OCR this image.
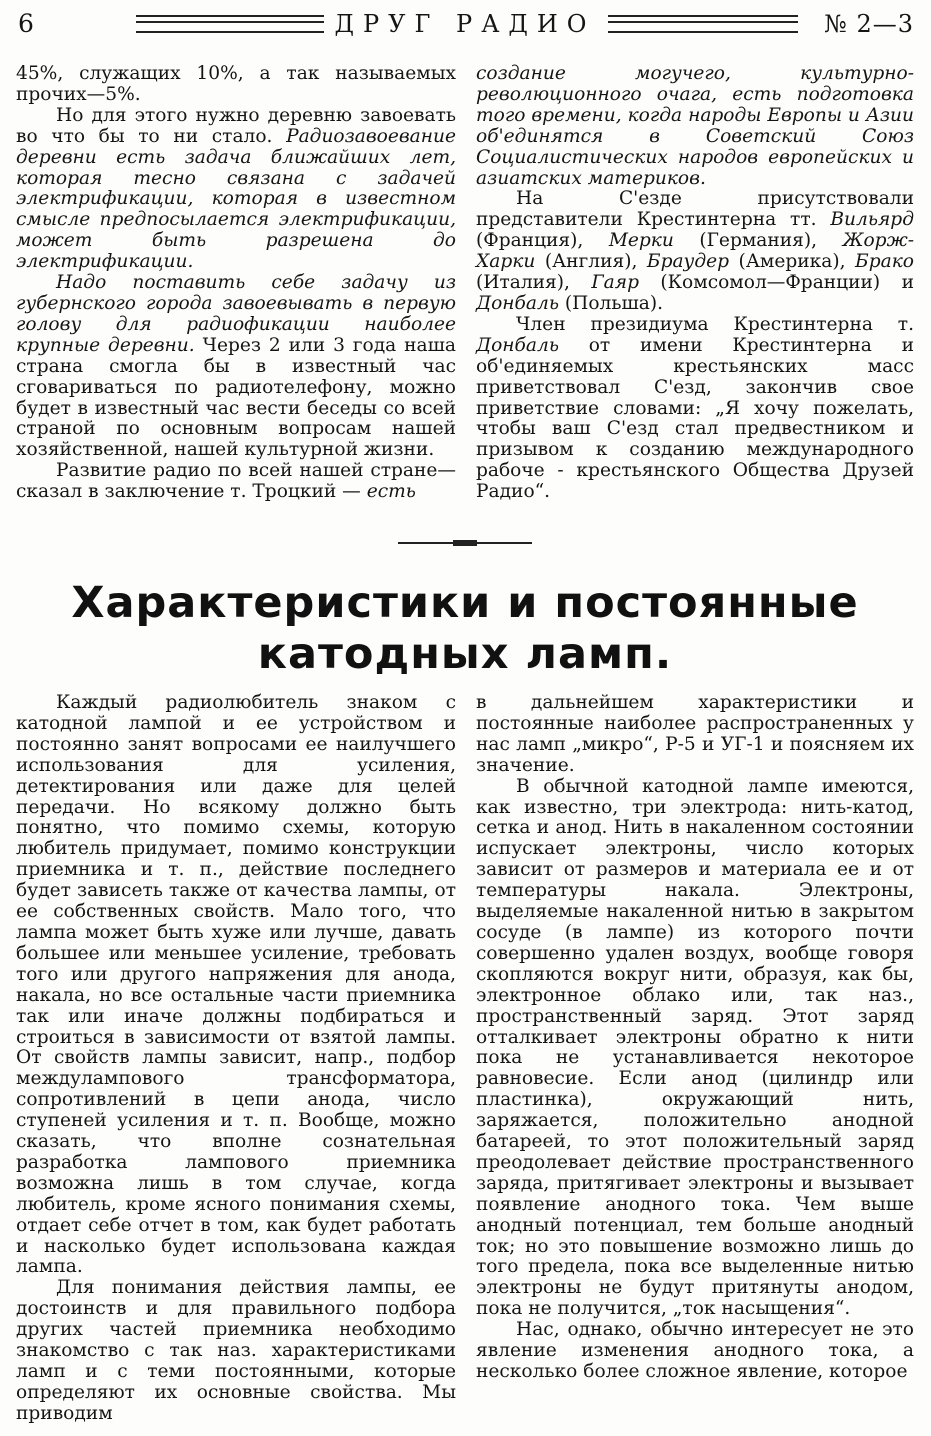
6	ДРУГ РАДИО	№ 2—3

45%, служащих 10%, а так называемых прочих—5%.

Но для этого нужно деревню завоевать во что бы то ни стало. Радиозавоевание деревни есть задача ближайших лет, которая тесно связана с задачей электрификации, которая в известном смысле предпосылается электрификации, может быть разрешена до электрификации.

Надо поставить себе задачу из губернского города завоевывать в первую голову для радиофикации наиболее крупные деревни. Через 2 или 3 года наша страна смогла бы в известный час сговариваться по радиотелефону, можно будет в известный час вести беседы со всей страной по основным вопросам нашей хозяйственной, нашей культурной жизни.

Развитие радио по всей нашей стране—сказал в заключение т. Троцкий — есть

создание могучего, культурно-революционного очага, есть подготовка того времени, когда народы Европы и Азии об'единятся в Советский Союз Социалистических народов европейских и азиатских материков.

На С'езде присутствовали представители Крестинтерна тт. Вильярд (Франция), Мерки (Германия), Жорж-Харки (Англия), Браудер (Америка), Брако (Италия), Гаяр (Комсомол—Франции) и Донбаль (Польша).

Член президиума Крестинтерна т. Донбаль от имени Крестинтерна и об'единяемых крестьянских масс приветствовал С'езд, закончив свое приветствие словами: „Я хочу пожелать, чтобы ваш С'езд стал предвестником и призывом к созданию международного рабоче - крестьянского Общества Друзей Радио“.

Характеристики и постоянные
катодных ламп.

Каждый радиолюбитель знаком с катодной лампой и ее устройством и постоянно занят вопросами ее наилучшего использования для усиления, детектирования или даже для целей передачи. Но всякому должно быть понятно, что помимо схемы, которую любитель придумает, помимо конструкции приемника и т. п., действие последнего будет зависеть также от качества лампы, от ее собственных свойств. Мало того, что лампа может быть хуже или лучше, давать большее или меньшее усиление, требовать того или другого напряжения для анода, накала, но все остальные части приемника так или иначе должны подбираться и строиться в зависимости от взятой лампы. От свойств лампы зависит, напр., подбор междулампового трансформатора, сопротивлений в цепи анода, число ступеней усиления и т. п. Вообще, можно сказать, что вполне сознательная разработка лампового приемника возможна лишь в том случае, когда любитель, кроме ясного понимания схемы, отдает себе отчет в том, как будет работать и насколько будет использована каждая лампа.

Для понимания действия лампы, ее достоинств и для правильного подбора других частей приемника необходимо знакомство с так наз. характеристиками ламп и с теми постоянными, которые определяют их основные свойства. Мы приводим

в дальнейшем характеристики и постоянные наиболее распространенных у нас ламп „микро“, Р-5 и УГ-1 и поясняем их значение.

В обычной катодной лампе имеются, как известно, три электрода: нить-катод, сетка и анод. Нить в накаленном состоянии испускает электроны, число которых зависит от размеров и материала ее и от температуры накала. Электроны, выделяемые накаленной нитью в закрытом сосуде (в лампе) из которого почти совершенно удален воздух, вообще говоря скопляются вокруг нити, образуя, как бы, электронное облако или, так наз., пространственный заряд. Этот заряд отталкивает электроны обратно к нити пока не устанавливается некоторое равновесие. Если анод (цилиндр или пластинка), окружающий нить, заряжается, положительно анодной батареей, то этот положительный заряд преодолевает действие пространственного заряда, притягивает электроны и вызывает появление анодного тока. Чем выше анодный потенциал, тем больше анодный ток; но это повышение возможно лишь до того предела, пока все выделенные нитью электроны не будут притянуты анодом, пока не получится, „ток насыщения“.

Нас, однако, обычно интересует не это явление изменения анодного тока, а несколько более сложное явление, которое
